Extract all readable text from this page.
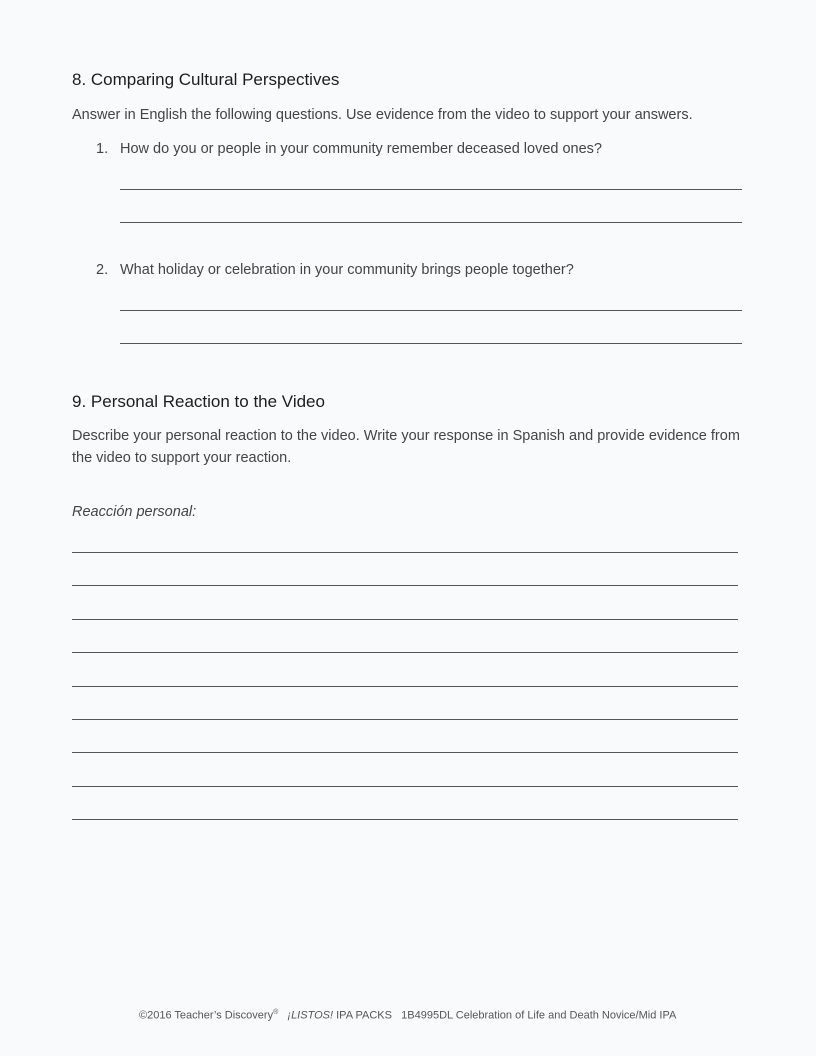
8. Comparing Cultural Perspectives
Answer in English the following questions. Use evidence from the video to support your answers.
1. How do you or people in your community remember deceased loved ones?
2. What holiday or celebration in your community brings people together?
9. Personal Reaction to the Video
Describe your personal reaction to the video. Write your response in Spanish and provide evidence from the video to support your reaction.
Reacción personal:
©2016 Teacher’s Discovery® ¡LISTOS! IPA PACKS 1B4995DL Celebration of Life and Death Novice/Mid IPA
